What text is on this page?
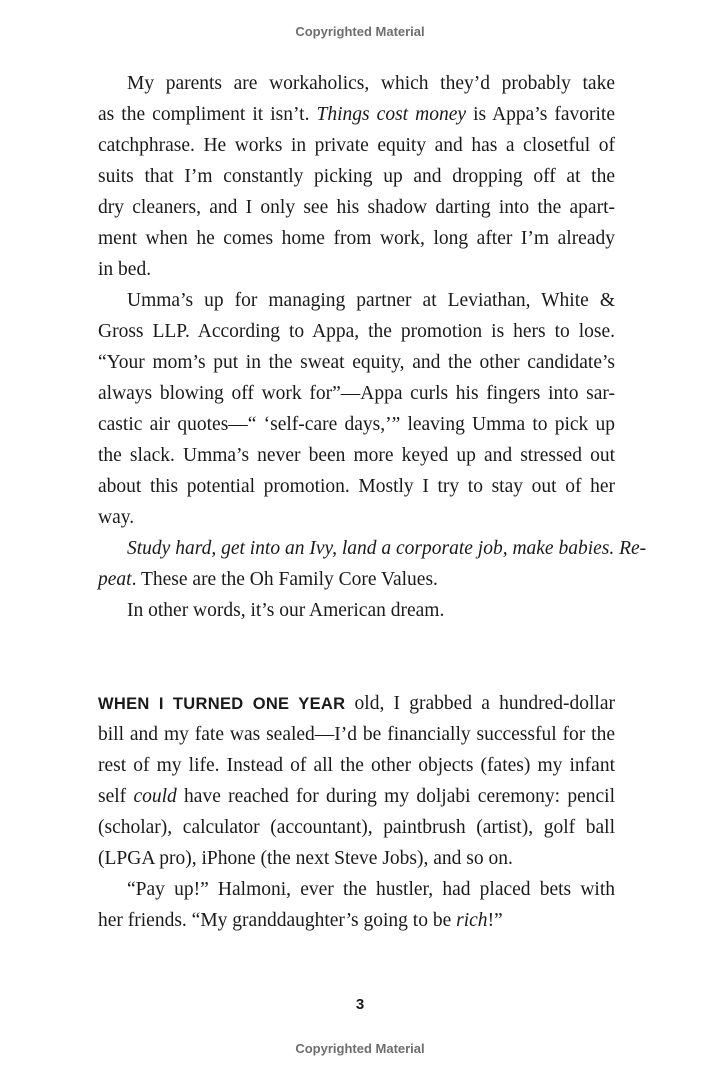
Copyrighted Material
My parents are workaholics, which they’d probably take
as the compliment it isn’t. Things cost money is Appa’s favorite
catchphrase. He works in private equity and has a closetful of
suits that I’m constantly picking up and dropping off at the
dry cleaners, and I only see his shadow darting into the apart-
ment when he comes home from work, long after I’m already
in bed.
Umma’s up for managing partner at Leviathan, White &
Gross LLP. According to Appa, the promotion is hers to lose.
“Your mom’s put in the sweat equity, and the other candidate’s
always blowing off work for”—Appa curls his fingers into sar-
castic air quotes—“ ‘self-care days,’” leaving Umma to pick up
the slack. Umma’s never been more keyed up and stressed out
about this potential promotion. Mostly I try to stay out of her
way.
Study hard, get into an Ivy, land a corporate job, make babies. Re-
peat. These are the Oh Family Core Values.
In other words, it’s our American dream.
WHEN I TURNED ONE YEAR old, I grabbed a hundred-dollar
bill and my fate was sealed—I’d be financially successful for the
rest of my life. Instead of all the other objects (fates) my infant
self could have reached for during my doljabi ceremony: pencil
(scholar), calculator (accountant), paintbrush (artist), golf ball
(LPGA pro), iPhone (the next Steve Jobs), and so on.
“Pay up!” Halmoni, ever the hustler, had placed bets with
her friends. “My granddaughter’s going to be rich!”
3
Copyrighted Material
